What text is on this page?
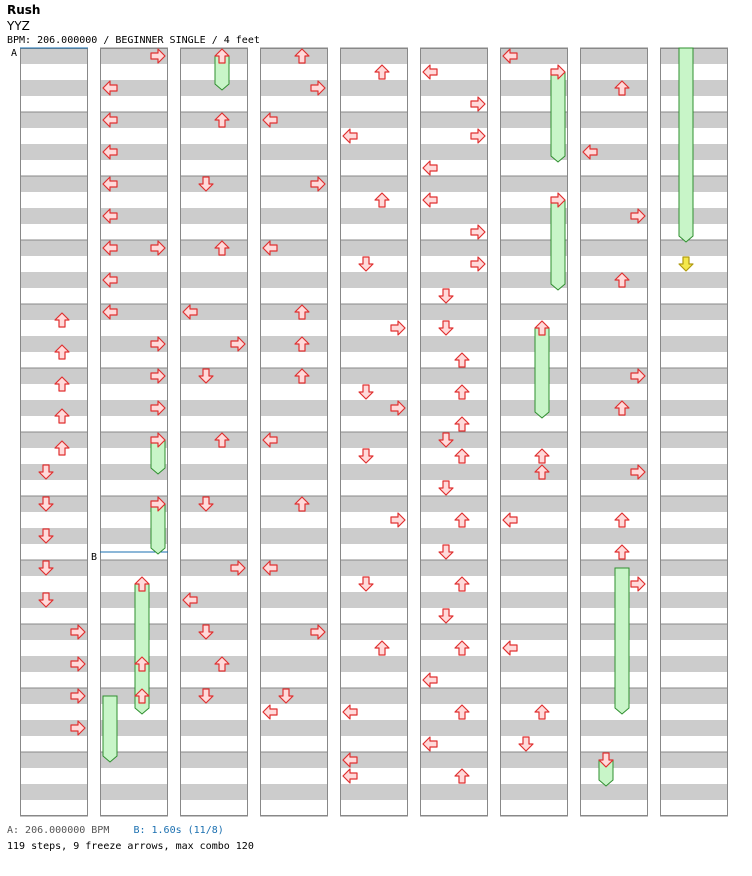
Rush
YYZ
BPM: 206.000000 / BEGINNER SINGLE / 4 feet
A
B
A: 206.000000 BPM B: 1.60s (11/8)
119 steps, 9 freeze arrows, max combo 120
